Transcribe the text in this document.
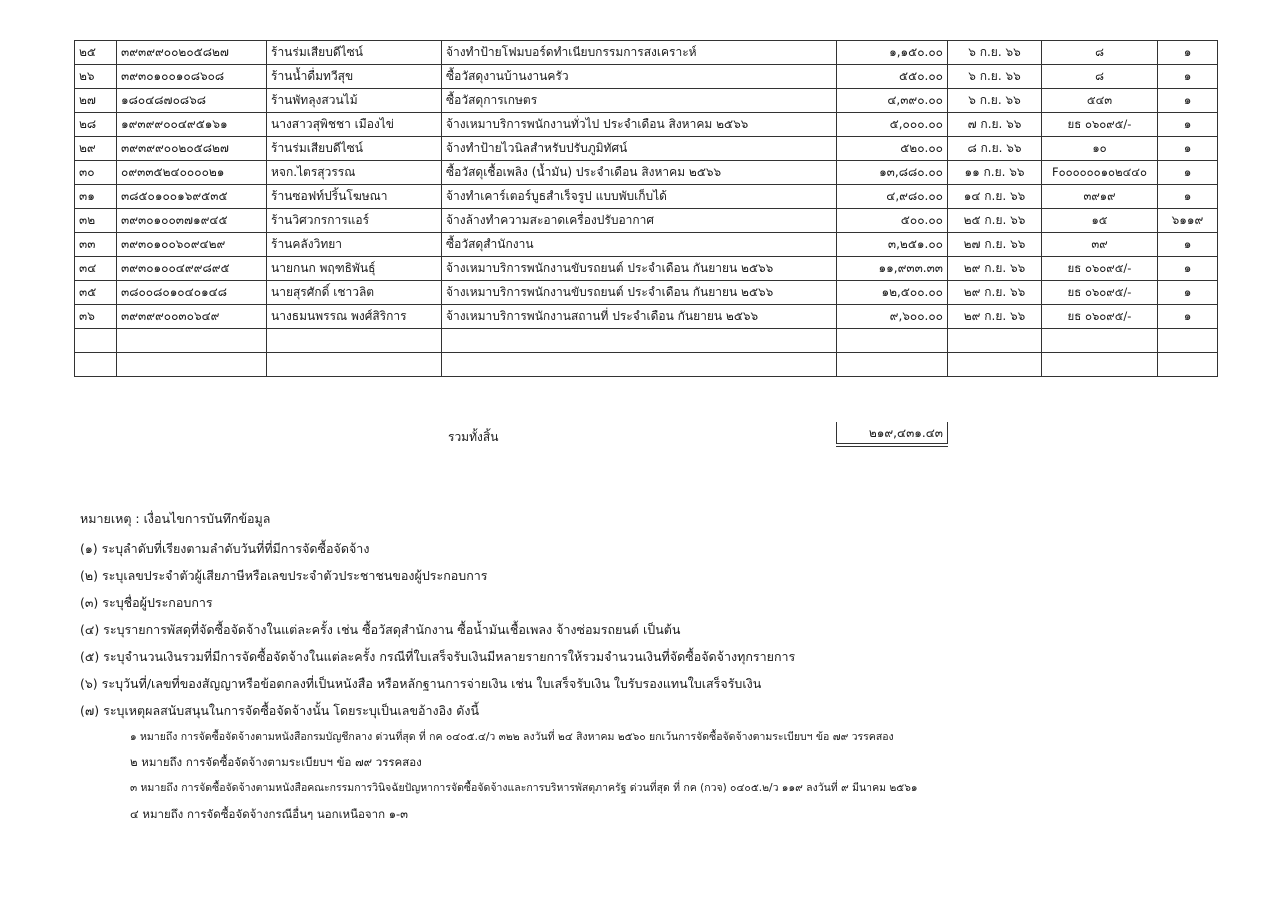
๒๕	๓๙๓๙๙๐๐๒๐๕๘๒๗	ร้านร่มเสียบดีไซน์	จ้างทำป้ายโฟมบอร์ดทำเนียบกรรมการสงเคราะห์	๑,๑๕๐.๐๐	๖ ก.ย. ๖๖	๘	๑
๒๖	๓๙๓๐๑๐๐๑๐๘๖๐๘	ร้านน้ำดื่มทวีสุข	ซื้อวัสดุงานบ้านงานครัว	๕๕๐.๐๐	๖ ก.ย. ๖๖	๘	๑
๒๗	๑๘๐๔๘๗๐๘๖๘	ร้านพัทลุงสวนไม้	ซื้อวัสดุการเกษตร	๔,๓๙๐.๐๐	๖ ก.ย. ๖๖	๕๔๓	๑
๒๘	๑๙๓๙๙๐๐๔๙๕๑๖๑	นางสาวสุพิชชา เมืองไข่	จ้างเหมาบริการพนักงานทั่วไป ประจำเดือน สิงหาคม ๒๕๖๖	๕,๐๐๐.๐๐	๗ ก.ย. ๖๖	ยธ ๐๖๐๙๕/-	๑
๒๙	๓๙๓๙๙๐๐๒๐๕๘๒๗	ร้านร่มเสียบดีไซน์	จ้างทำป้ายไวนิลสำหรับปรับภูมิทัศน์	๕๒๐.๐๐	๘ ก.ย. ๖๖	๑๐	๑
๓๐	๐๙๓๓๕๒๔๐๐๐๐๒๑	หจก.ไตรสุวรรณ	ซื้อวัสดุเชื้อเพลิง (น้ำมัน) ประจำเดือน สิงหาคม ๒๕๖๖	๑๓,๘๘๐.๐๐	๑๑ ก.ย. ๖๖	F๐๐๐๐๐๐๑๐๒๔๔๐	๑
๓๑	๓๘๕๐๑๐๐๑๖๙๕๓๕	ร้านซอฟท์ปริ้นโฆษณา	จ้างทำเคาร์เตอร์บูธสำเร็จรูป แบบพับเก็บได้	๔,๙๘๐.๐๐	๑๔ ก.ย. ๖๖	๓๙๑๙	๑
๓๒	๓๙๓๐๑๐๐๓๗๑๙๔๕	ร้านวิศวกรการแอร์	จ้างล้างทำความสะอาดเครื่องปรับอากาศ	๕๐๐.๐๐	๒๕ ก.ย. ๖๖	๑๕	๖๑๑๙
๓๓	๓๙๓๐๑๐๐๖๐๙๔๒๙	ร้านคลังวิทยา	ซื้อวัสดุสำนักงาน	๓,๒๕๑.๐๐	๒๗ ก.ย. ๖๖	๓๙	๑
๓๔	๓๙๓๐๑๐๐๔๙๙๘๙๕	นายกนก พฤฑธิพันธุ์	จ้างเหมาบริการพนักงานขับรถยนต์ ประจำเดือน กันยายน ๒๕๖๖	๑๑,๙๓๓.๓๓	๒๙ ก.ย. ๖๖	ยธ ๐๖๐๙๕/-	๑
๓๕	๓๘๐๐๘๐๑๐๔๐๑๔๘	นายสุรศักดิ์ เชาวลิต	จ้างเหมาบริการพนักงานขับรถยนต์ ประจำเดือน กันยายน ๒๕๖๖	๑๒,๕๐๐.๐๐	๒๙ ก.ย. ๖๖	ยธ ๐๖๐๙๕/-	๑
๓๖	๓๙๓๙๙๐๐๓๐๖๔๙	นางธมนพรรณ พงศ์สิริการ	จ้างเหมาบริการพนักงานสถานที่ ประจำเดือน กันยายน ๒๕๖๖	๙,๖๐๐.๐๐	๒๙ ก.ย. ๖๖	ยธ ๐๖๐๙๕/-	๑

รวมทั้งสิ้น	๒๑๙,๔๓๑.๔๓
หมายเหตุ : เงื่อนไขการบันทึกข้อมูล
(๑) ระบุลำดับที่เรียงตามลำดับวันที่ที่มีการจัดซื้อจัดจ้าง
(๒) ระบุเลขประจำตัวผู้เสียภาษีหรือเลขประจำตัวประชาชนของผู้ประกอบการ
(๓) ระบุชื่อผู้ประกอบการ
(๔) ระบุรายการพัสดุที่จัดซื้อจัดจ้างในแต่ละครั้ง เช่น ซื้อวัสดุสำนักงาน ซื้อน้ำมันเชื้อเพลง จ้างซ่อมรถยนต์ เป็นต้น
(๕) ระบุจำนวนเงินรวมที่มีการจัดซื้อจัดจ้างในแต่ละครั้ง กรณีที่ใบเสร็จรับเงินมีหลายรายการให้รวมจำนวนเงินที่จัดซื้อจัดจ้างทุกรายการ
(๖) ระบุวันที่/เลขที่ของสัญญาหรือข้อตกลงที่เป็นหนังสือ หรือหลักฐานการจ่ายเงิน เช่น ใบเสร็จรับเงิน ใบรับรองแทนใบเสร็จรับเงิน
(๗) ระบุเหตุผลสนับสนุนในการจัดซื้อจัดจ้างนั้น โดยระบุเป็นเลขอ้างอิง ดังนี้
๑ หมายถึง การจัดซื้อจัดจ้างตามหนังสือกรมบัญชีกลาง ด่วนที่สุด ที่ กค ๐๔๐๕.๔/ว ๓๒๒ ลงวันที่ ๒๔ สิงหาคม ๒๕๖๐ ยกเว้นการจัดซื้อจัดจ้างตามระเบียบฯ ข้อ ๗๙ วรรคสอง
๒ หมายถึง การจัดซื้อจัดจ้างตามระเบียบฯ ข้อ ๗๙ วรรคสอง
๓ หมายถึง การจัดซื้อจัดจ้างตามหนังสือคณะกรรมการวินิจฉัยปัญหาการจัดซื้อจัดจ้างและการบริหารพัสดุภาครัฐ ด่วนที่สุด ที่ กค (กวจ) ๐๔๐๕.๒/ว ๑๑๙ ลงวันที่ ๙ มีนาคม ๒๕๖๑
๔ หมายถึง การจัดซื้อจัดจ้างกรณีอื่นๆ นอกเหนือจาก ๑-๓
